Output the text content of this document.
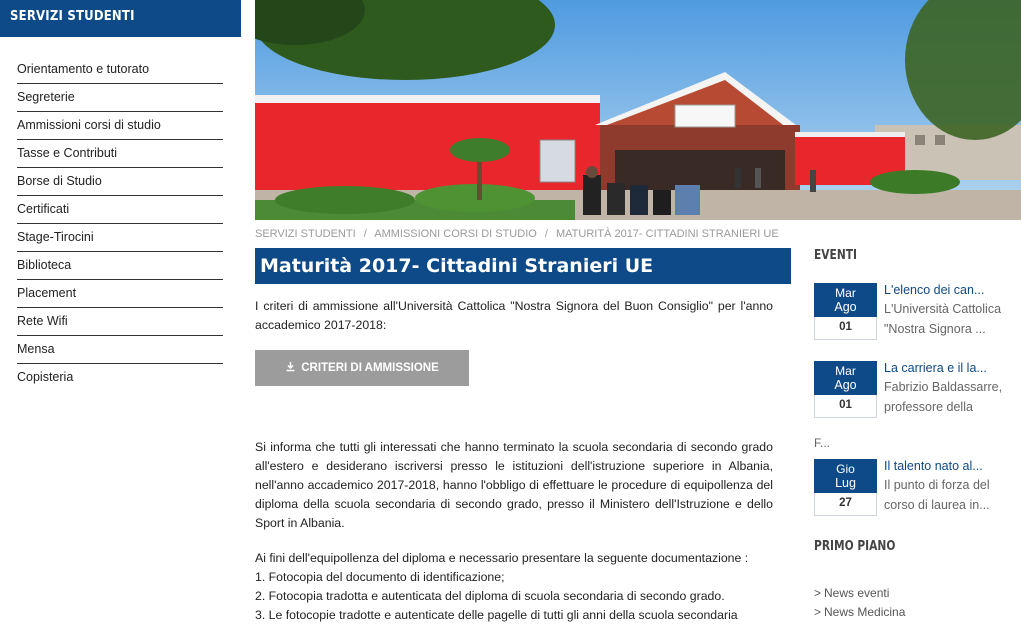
SERVIZI STUDENTI
Orientamento e tutorato
Segreterie
Ammissioni corsi di studio
Tasse e Contributi
Borse di Studio
Certificati
Stage-Tirocini
Biblioteca
Placement
Rete Wifi
Mensa
Copisteria
SERVIZI STUDENTI / AMMISSIONI CORSI DI STUDIO / MATURITÀ 2017- CITTADINI STRANIERI UE
Maturità 2017- Cittadini Stranieri UE
I criteri di ammissione all'Università Cattolica "Nostra Signora del Buon Consiglio" per l'anno accademico 2017-2018:
CRITERI DI AMMISSIONE
Si informa che tutti gli interessati che hanno terminato la scuola secondaria di secondo grado all'estero e desiderano iscriversi presso le istituzioni dell'istruzione superiore in Albania, nell'anno accademico 2017-2018, hanno l'obbligo di effettuare le procedure di equipollenza del diploma della scuola secondaria di secondo grado, presso il Ministero dell'Istruzione e dello Sport in Albania.

Ai fini dell'equipollenza del diploma e necessario presentare la seguente documentazione :

1. Fotocopia del documento di identificazione;

2. Fotocopia tradotta e autenticata del diploma di scuola secondaria di secondo grado.

3. Le fotocopie tradotte e autenticate delle pagelle di tutti gli anni della scuola secondaria

EVENTI
Mar
Ago
01
L'elenco dei can...
L'Università Cattolica "Nostra Signora ...
Mar
Ago
01
La carriera e il la...
Fabrizio Baldassarre, professore della
F...
Gio
Lug
27
Il talento nato al...
Il punto di forza del corso di laurea in...
PRIMO PIANO
> News eventi
> News Medicina
